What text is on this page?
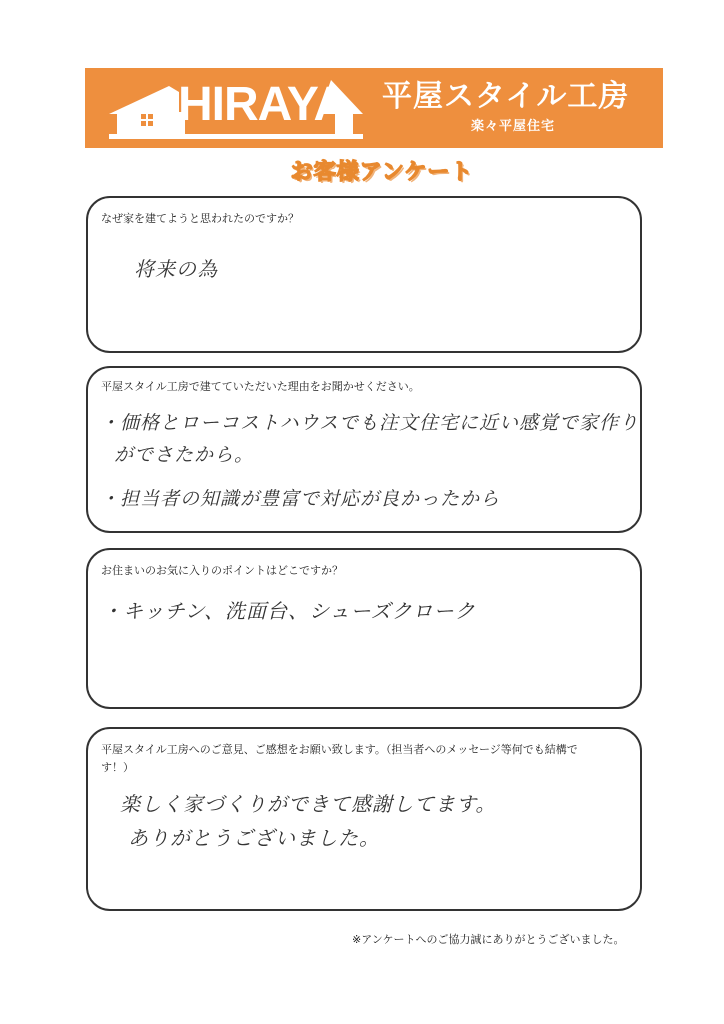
HIRAYA 平屋スタイル工房
楽々平屋住宅
お客様アンケート
なぜ家を建てようと思われたのですか？
将来の為
平屋スタイル工房で建てていただいた理由をお聞かせください。
・価格とローコストハウスでも注文住宅に近い感覚で家作り
がでさたから。
・担当者の知識が豊富で対応が良かったから
お住まいのお気に入りのポイントはどこですか？
・キッチン、洗面台、シューズクローク
平屋スタイル工房へのご意見、ご感想をお願い致します。（担当者へのメッセージ等何でも結構で
す！）
楽しく家づくりができて感謝してます。
ありがとうございました。
※アンケートへのご協力誠にありがとうございました。
